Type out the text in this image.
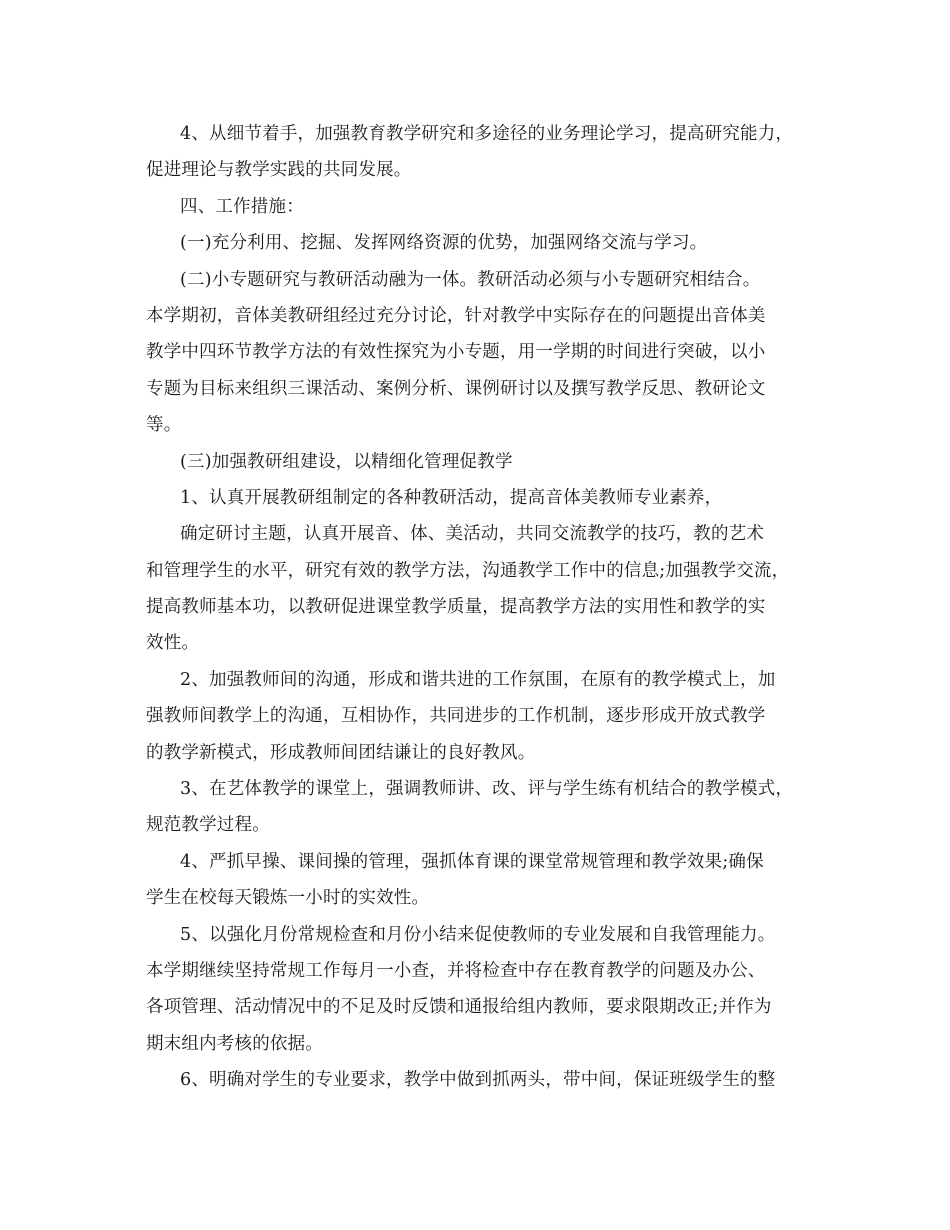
4、从细节着手，加强教育教学研究和多途径的业务理论学习，提高研究能力，
促进理论与教学实践的共同发展。
四、工作措施：
(一)充分利用、挖掘、发挥网络资源的优势，加强网络交流与学习。
(二)小专题研究与教研活动融为一体。教研活动必须与小专题研究相结合。
本学期初，音体美教研组经过充分讨论，针对教学中实际存在的问题提出音体美
教学中四环节教学方法的有效性探究为小专题，用一学期的时间进行突破，以小
专题为目标来组织三课活动、案例分析、课例研讨以及撰写教学反思、教研论文
等。
(三)加强教研组建设，以精细化管理促教学
1、认真开展教研组制定的各种教研活动，提高音体美教师专业素养，
确定研讨主题，认真开展音、体、美活动，共同交流教学的技巧，教的艺术
和管理学生的水平，研究有效的教学方法，沟通教学工作中的信息;加强教学交流，
提高教师基本功，以教研促进课堂教学质量，提高教学方法的实用性和教学的实
效性。
2、加强教师间的沟通，形成和谐共进的工作氛围，在原有的教学模式上，加
强教师间教学上的沟通，互相协作，共同进步的工作机制，逐步形成开放式教学
的教学新模式，形成教师间团结谦让的良好教风。
3、在艺体教学的课堂上，强调教师讲、改、评与学生练有机结合的教学模式，
规范教学过程。
4、严抓早操、课间操的管理，强抓体育课的课堂常规管理和教学效果;确保
学生在校每天锻炼一小时的实效性。
5、以强化月份常规检查和月份小结来促使教师的专业发展和自我管理能力。
本学期继续坚持常规工作每月一小查，并将检查中存在教育教学的问题及办公、
各项管理、活动情况中的不足及时反馈和通报给组内教师，要求限期改正;并作为
期末组内考核的依据。
6、明确对学生的专业要求，教学中做到抓两头，带中间，保证班级学生的整
